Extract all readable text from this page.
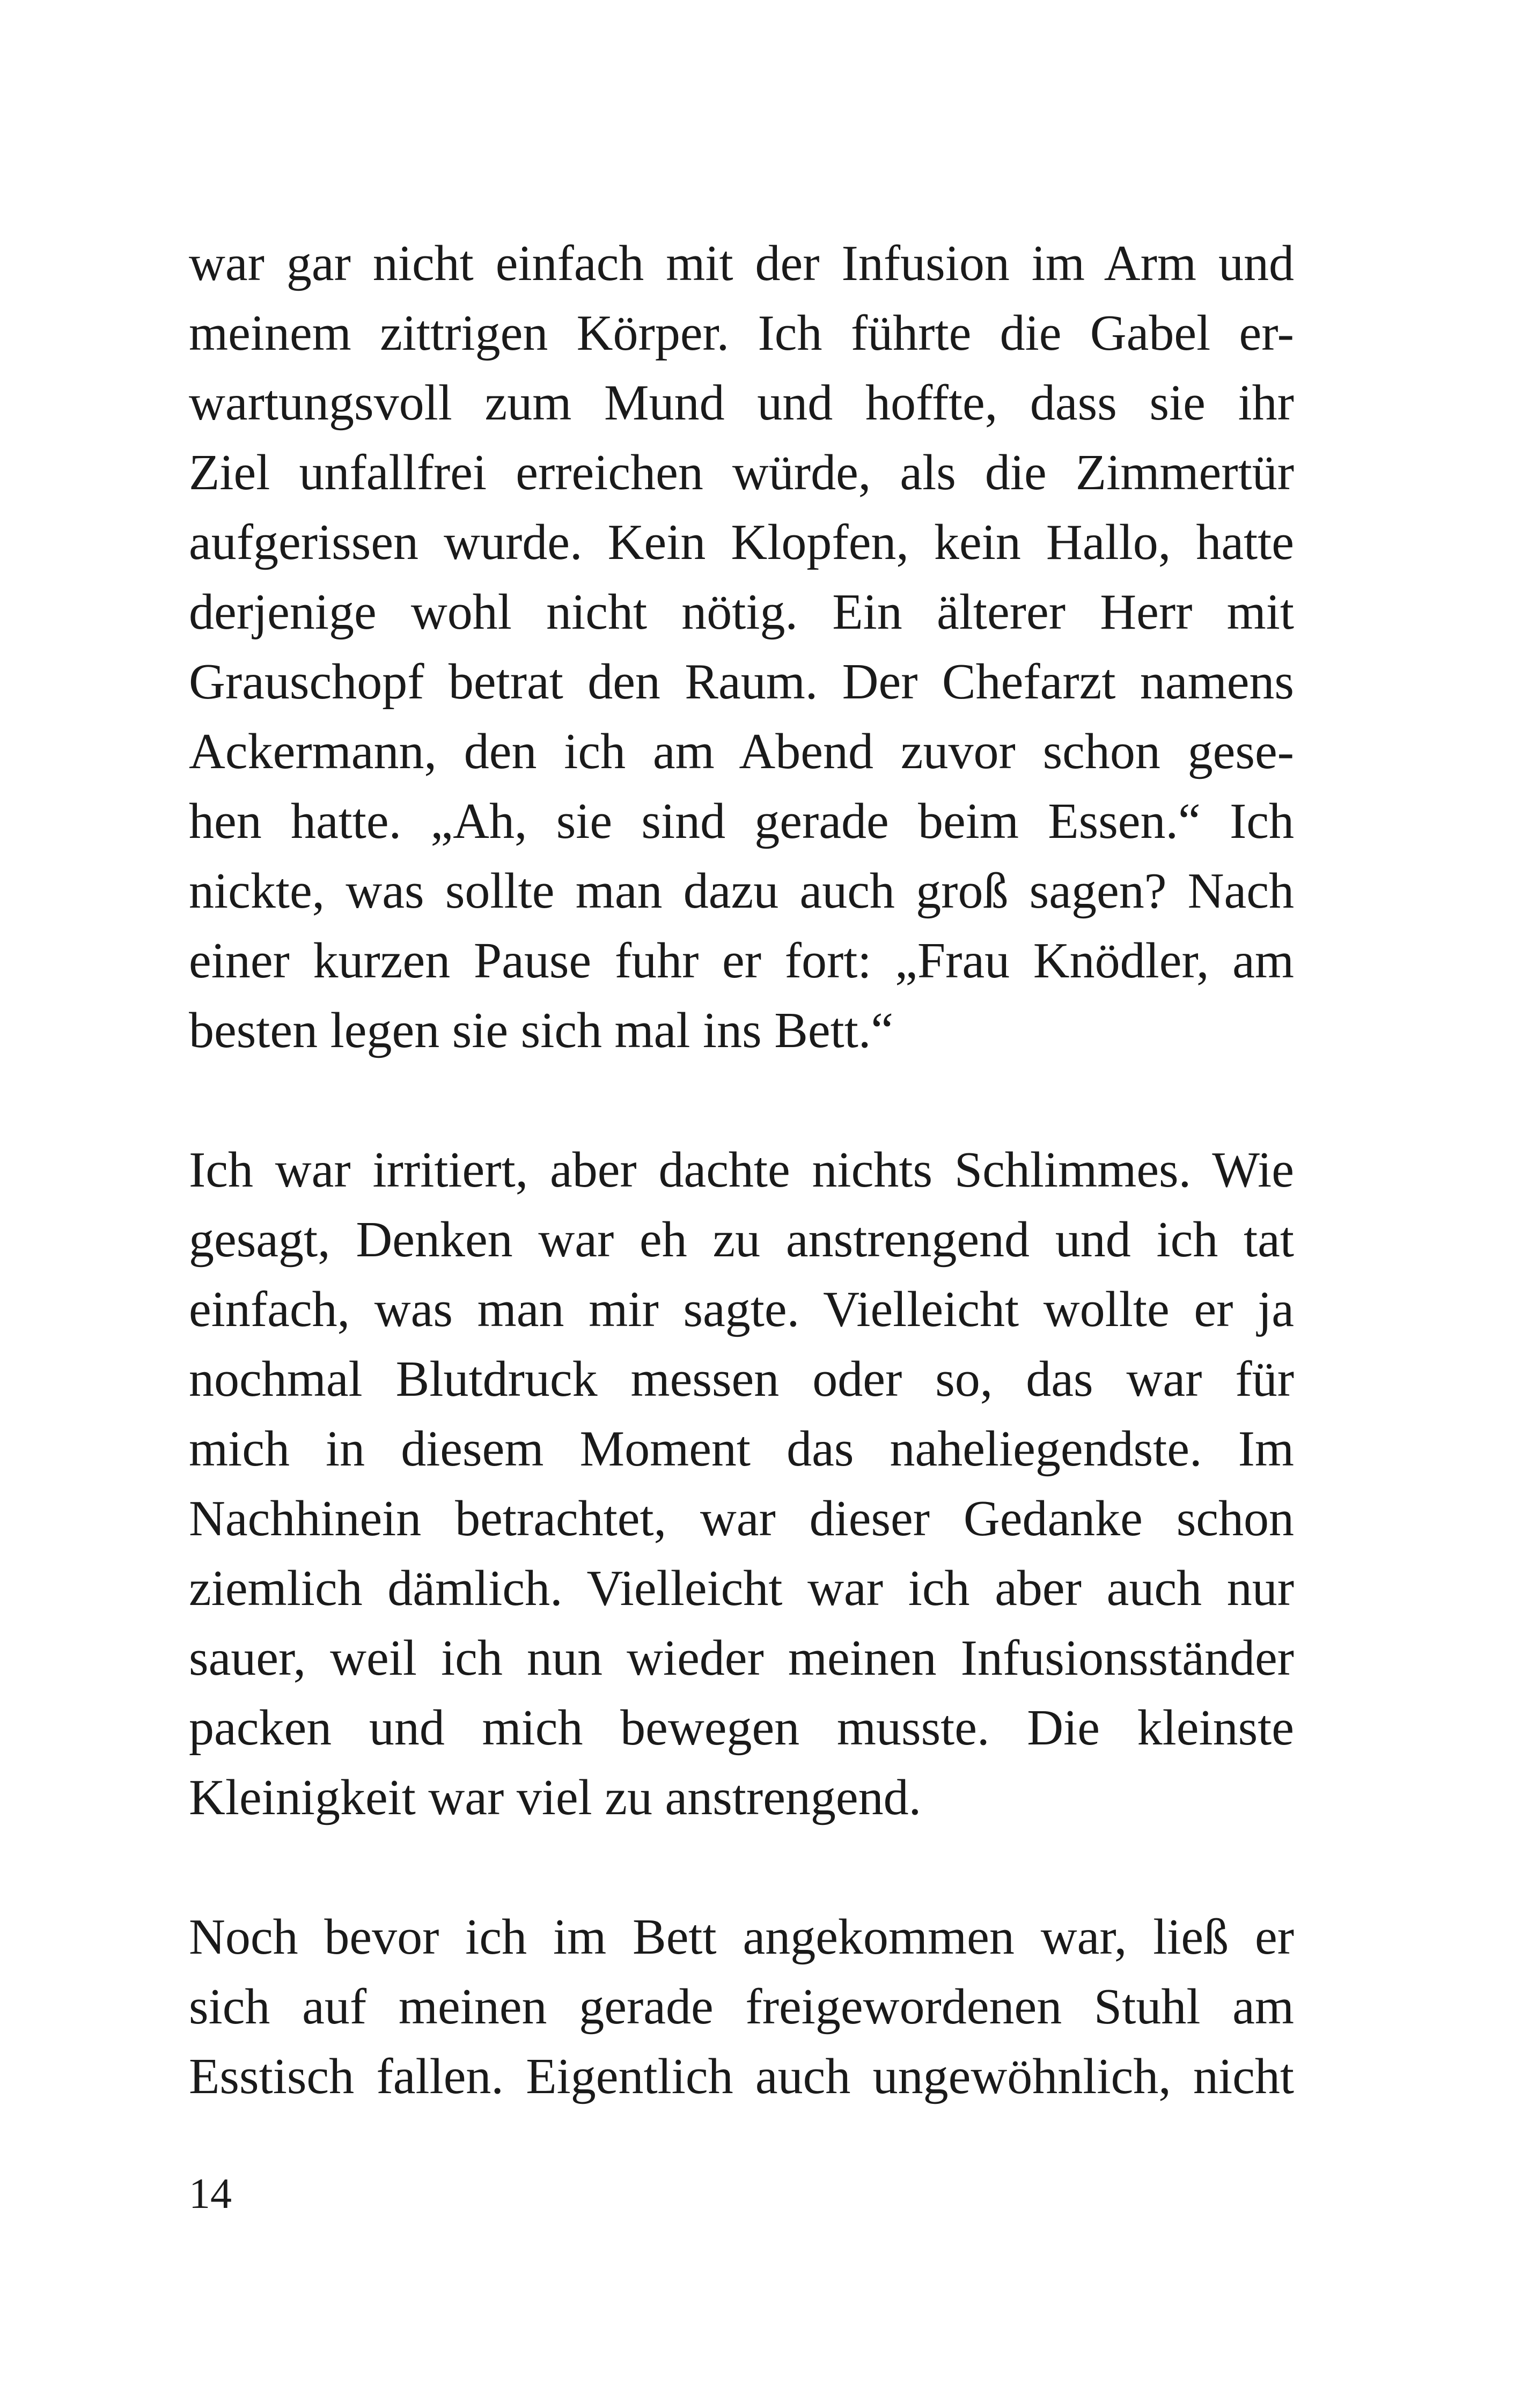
war gar nicht einfach mit der Infusion im Arm und
meinem zittrigen Körper. Ich führte die Gabel er-
wartungsvoll zum Mund und hoffte, dass sie ihr
Ziel unfallfrei erreichen würde, als die Zimmertür
aufgerissen wurde. Kein Klopfen, kein Hallo, hatte
derjenige wohl nicht nötig. Ein älterer Herr mit
Grauschopf betrat den Raum. Der Chefarzt namens
Ackermann, den ich am Abend zuvor schon gese-
hen hatte. „Ah, sie sind gerade beim Essen.“ Ich
nickte, was sollte man dazu auch groß sagen? Nach
einer kurzen Pause fuhr er fort: „Frau Knödler, am
besten legen sie sich mal ins Bett.“

Ich war irritiert, aber dachte nichts Schlimmes. Wie
gesagt, Denken war eh zu anstrengend und ich tat
einfach, was man mir sagte. Vielleicht wollte er ja
nochmal Blutdruck messen oder so, das war für
mich in diesem Moment das naheliegendste. Im
Nachhinein betrachtet, war dieser Gedanke schon
ziemlich dämlich. Vielleicht war ich aber auch nur
sauer, weil ich nun wieder meinen Infusionsständer
packen und mich bewegen musste. Die kleinste
Kleinigkeit war viel zu anstrengend.

Noch bevor ich im Bett angekommen war, ließ er
sich auf meinen gerade freigewordenen Stuhl am
Esstisch fallen. Eigentlich auch ungewöhnlich, nicht

14
